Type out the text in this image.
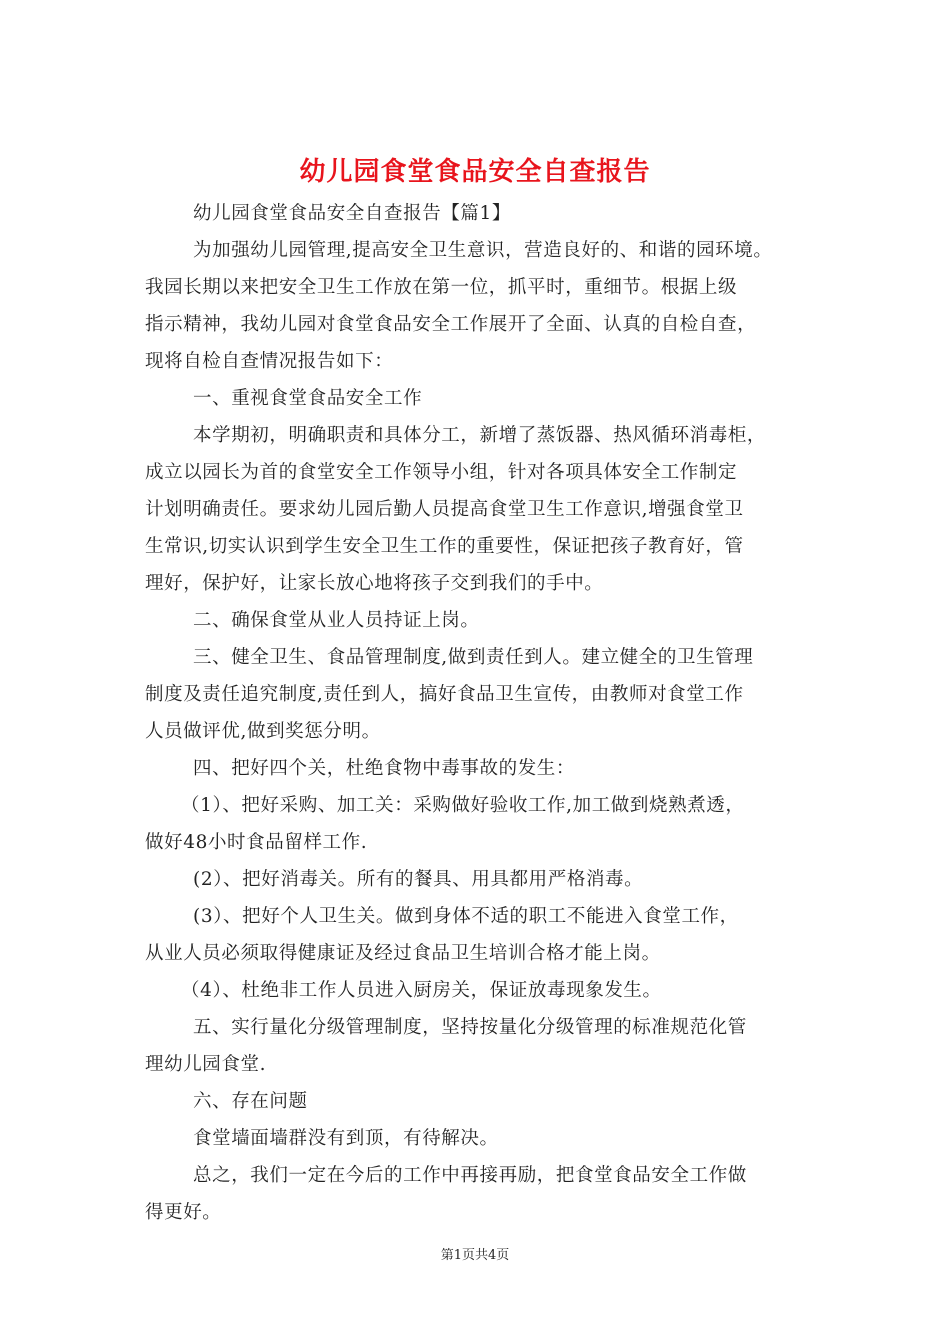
幼儿园食堂食品安全自查报告
幼儿园食堂食品安全自查报告【篇1】
为加强幼儿园管理,提高安全卫生意识，营造良好的、和谐的园环境。
我园长期以来把安全卫生工作放在第一位，抓平时，重细节。根据上级
指示精神，我幼儿园对食堂食品安全工作展开了全面、认真的自检自查，
现将自检自查情况报告如下：
一、重视食堂食品安全工作
本学期初，明确职责和具体分工，新增了蒸饭器、热风循环消毒柜，
成立以园长为首的食堂安全工作领导小组，针对各项具体安全工作制定
计划明确责任。要求幼儿园后勤人员提高食堂卫生工作意识,增强食堂卫
生常识,切实认识到学生安全卫生工作的重要性，保证把孩子教育好，管
理好，保护好，让家长放心地将孩子交到我们的手中。
二、确保食堂从业人员持证上岗。
三、健全卫生、食品管理制度,做到责任到人。建立健全的卫生管理
制度及责任追究制度,责任到人，搞好食品卫生宣传，由教师对食堂工作
人员做评优,做到奖惩分明。
四、把好四个关，杜绝食物中毒事故的发生：
（1）、把好采购、加工关：采购做好验收工作,加工做到烧熟煮透，
做好48小时食品留样工作.
(2）、把好消毒关。所有的餐具、用具都用严格消毒。
(3）、把好个人卫生关。做到身体不适的职工不能进入食堂工作，
从业人员必须取得健康证及经过食品卫生培训合格才能上岗。
（4）、杜绝非工作人员进入厨房关，保证放毒现象发生。
五、实行量化分级管理制度，坚持按量化分级管理的标准规范化管
理幼儿园食堂.
六、存在问题
食堂墙面墙群没有到顶，有待解决。
总之，我们一定在今后的工作中再接再励，把食堂食品安全工作做
得更好。
第1页共4页
